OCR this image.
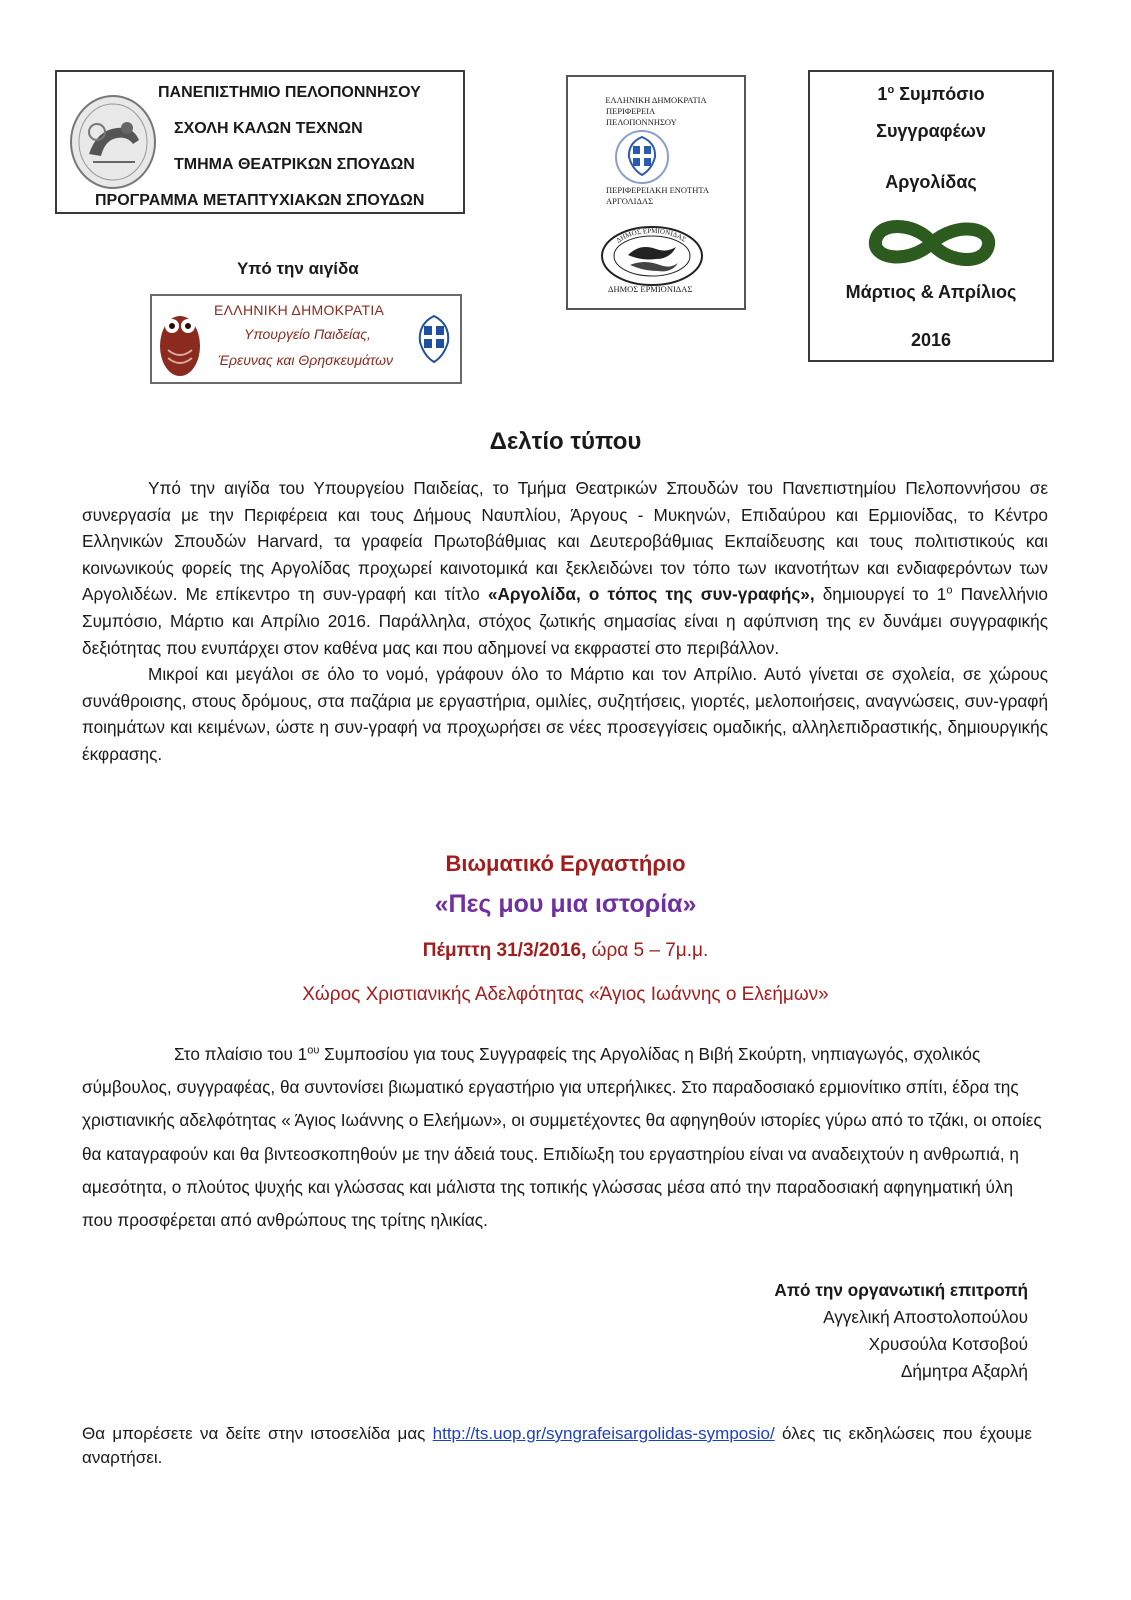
ΠΑΝΕΠΙΣΤΗΜΙΟ ΠΕΛΟΠΟΝΝΗΣΟΥ
ΣΧΟΛΗ ΚΑΛΩΝ ΤΕΧΝΩΝ
ΤΜΗΜΑ ΘΕΑΤΡΙΚΩΝ ΣΠΟΥΔΩΝ
ΠΡΟΓΡΑΜΜΑ ΜΕΤΑΠΤΥΧΙΑΚΩΝ ΣΠΟΥΔΩΝ
Υπό την αιγίδα
ΕΛΛΗΝΙΚΗ ΔΗΜΟΚΡΑΤΙΑ
Υπουργείο Παιδείας,
Έρευνας και Θρησκευμάτων
ΕΛΛΗΝΙΚΗ ΔΗΜΟΚΡΑΤΙΑ
ΠΕΡΙΦΕΡΕΙΑ
ΠΕΛΟΠΟΝΝΗΣΟΥ
ΠΕΡΙΦΕΡΕΙΑΚΗ ΕΝΟΤΗΤΑ
ΑΡΓΟΛΙΔΑΣ
ΔΗΜΟΣ ΕΡΜΙΟΝΙΔΑΣ
ΔΗΜΟΣ ΕΡΜΙΟΝΙΔΑΣ
$1^o$ Συμπόσιο
Συγγραφέων
Αργολίδας
Μάρτιος & Απρίλιος
2016
Δελτίο τύπου

Υπό την αιγίδα του Υπουργείου Παιδείας, το Τμήμα Θεατρικών Σπουδών του Πανεπιστημίου Πελοποννήσου σε συνεργασία με την Περιφέρεια και τους Δήμους Ναυπλίου, Άργους - Μυκηνών, Επιδαύρου και Ερμιονίδας, το Κέντρο Ελληνικών Σπουδών Harvard, τα γραφεία Πρωτοβάθμιας και Δευτεροβάθμιας Εκπαίδευσης και τους πολιτιστικούς και κοινωνικούς φορείς της Αργολίδας προχωρεί καινοτομικά και ξεκλειδώνει τον τόπο των ικανοτήτων και ενδιαφερόντων των Αργολιδέων. Με επίκεντρο τη συν-γραφή και τίτλο «Αργολίδα, ο τόπος της συν-γραφής», δημιουργεί το $1^o$ Πανελλήνιο Συμπόσιο, Μάρτιο και Απρίλιο 2016. Παράλληλα, στόχος ζωτικής σημασίας είναι η αφύπνιση της εν δυνάμει συγγραφικής δεξιότητας που ενυπάρχει στον καθένα μας και που αδημονεί να εκφραστεί στο περιβάλλον.

Μικροί και μεγάλοι σε όλο το νομό, γράφουν όλο το Μάρτιο και τον Απρίλιο. Αυτό γίνεται σε σχολεία, σε χώρους συνάθροισης, στους δρόμους, στα παζάρια με εργαστήρια, ομιλίες, συζητήσεις, γιορτές, μελοποιήσεις, αναγνώσεις, συν-γραφή ποιημάτων και κειμένων, ώστε η συν-γραφή να προχωρήσει σε νέες προσεγγίσεις ομαδικής, αλληλεπιδραστικής, δημιουργικής έκφρασης.

Βιωματικό Εργαστήριο
«Πες μου μια ιστορία»
Πέμπτη 31/3/2016, ώρα 5 – 7μ.μ.
Χώρος Χριστιανικής Αδελφότητας «Άγιος Ιωάννης ο Ελεήμων»

Στο πλαίσιο του $1^{o\upsilon}$ Συμποσίου για τους Συγγραφείς της Αργολίδας η Βιβή Σκούρτη, νηπιαγωγός, σχολικός σύμβουλος, συγγραφέας, θα συντονίσει βιωματικό εργαστήριο για υπερήλικες. Στο παραδοσιακό ερμιονίτικο σπίτι, έδρα της χριστιανικής αδελφότητας « Άγιος Ιωάννης ο Ελεήμων», οι συμμετέχοντες θα αφηγηθούν ιστορίες γύρω από το τζάκι, οι οποίες θα καταγραφούν και θα βιντεοσκοπηθούν με την άδειά τους. Επιδίωξη του εργαστηρίου είναι να αναδειχτούν η ανθρωπιά, η αμεσότητα, ο πλούτος ψυχής και γλώσσας και μάλιστα της τοπικής γλώσσας μέσα από την παραδοσιακή αφηγηματική ύλη που προσφέρεται από ανθρώπους της τρίτης ηλικίας.

Από την οργανωτική επιτροπή
Αγγελική Αποστολοπούλου
Χρυσούλα Κοτσοβού
Δήμητρα Αξαρλή
Θα μπορέσετε να δείτε στην ιστοσελίδα μας http://ts.uop.gr/syngrafeisargolidas-symposio/ όλες τις εκδηλώσεις που έχουμε αναρτήσει.
